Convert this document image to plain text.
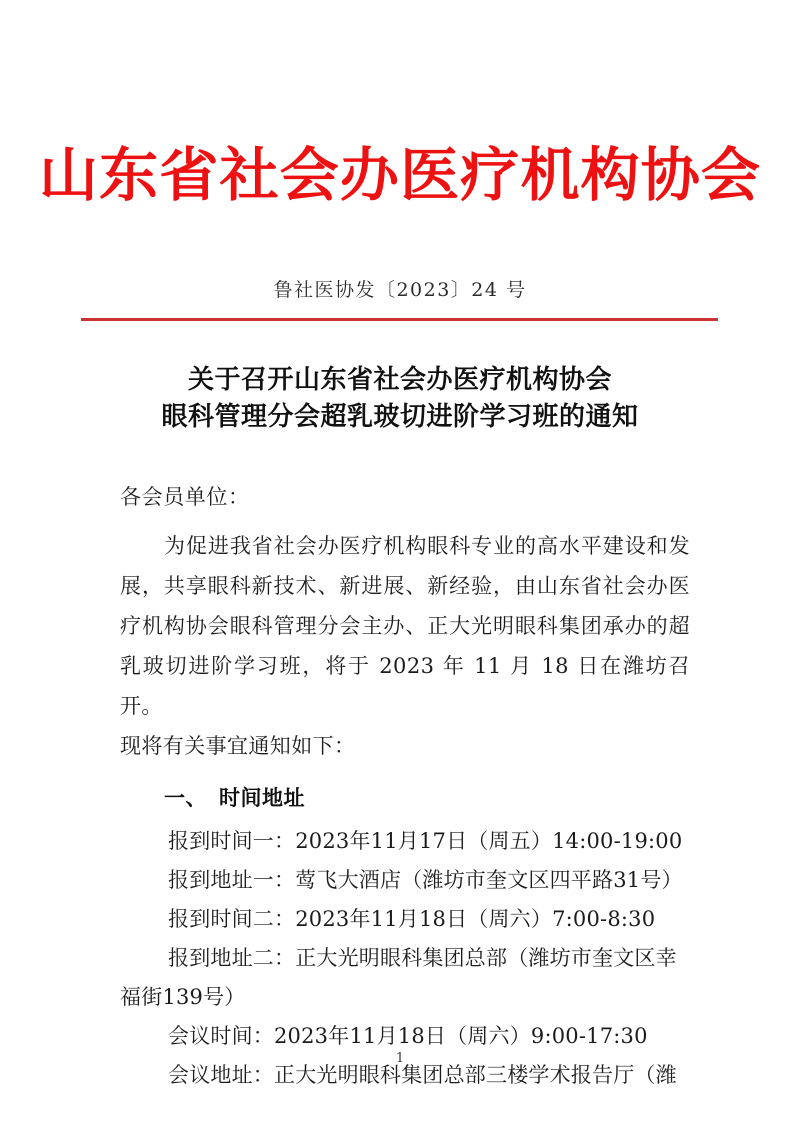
山东省社会办医疗机构协会
鲁社医协发〔2023〕24 号
关于召开山东省社会办医疗机构协会
眼科管理分会超乳玻切进阶学习班的通知
各会员单位：
为促进我省社会办医疗机构眼科专业的高水平建设和发展，共享眼科新技术、新进展、新经验，由山东省社会办医疗机构协会眼科管理分会主办、正大光明眼科集团承办的超乳玻切进阶学习班，将于 2023 年 11 月 18 日在潍坊召开。
现将有关事宜通知如下：
一、 时间地址
报到时间一：2023年11月17日（周五）14:00-19:00
报到地址一：莺飞大酒店（潍坊市奎文区四平路31号）
报到时间二：2023年11月18日（周六）7:00-8:30
报到地址二：正大光明眼科集团总部（潍坊市奎文区幸
福街139号）
会议时间：2023年11月18日（周六）9:00-17:30
会议地址：正大光明眼科集团总部三楼学术报告厅（潍
1
